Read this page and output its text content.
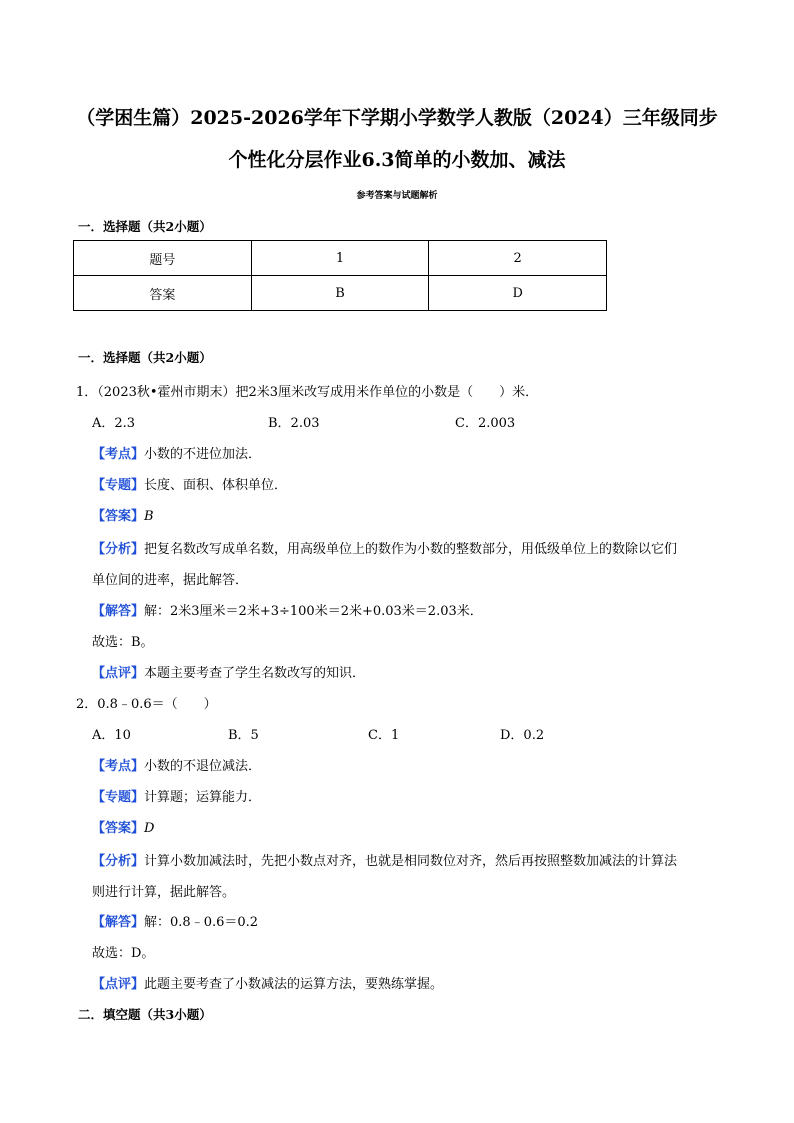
（学困生篇）2025-2026学年下学期小学数学人教版（2024）三年级同步
个性化分层作业6.3简单的小数加、减法
参考答案与试题解析
一．选择题（共2小题）
题号	1	2
答案	B	D
一．选择题（共2小题）
1．（2023秋•霍州市期末）把2米3厘米改写成用米作单位的小数是（　　）米．
A．2.3	B．2.03	C．2.003
【考点】小数的不进位加法．
【专题】长度、面积、体积单位．
【答案】B
【分析】把复名数改写成单名数，用高级单位上的数作为小数的整数部分，用低级单位上的数除以它们
单位间的进率，据此解答．
【解答】解：2米3厘米＝2米+3÷100米＝2米+0.03米＝2.03米．
故选：B。
【点评】本题主要考查了学生名数改写的知识．
2．0.8﹣0.6＝（　　）
A．10	B．5	C．1	D．0.2
【考点】小数的不退位减法．
【专题】计算题；运算能力．
【答案】D
【分析】计算小数加减法时，先把小数点对齐，也就是相同数位对齐，然后再按照整数加减法的计算法
则进行计算，据此解答。
【解答】解：0.8﹣0.6＝0.2
故选：D。
【点评】此题主要考查了小数减法的运算方法，要熟练掌握。
二．填空题（共3小题）
